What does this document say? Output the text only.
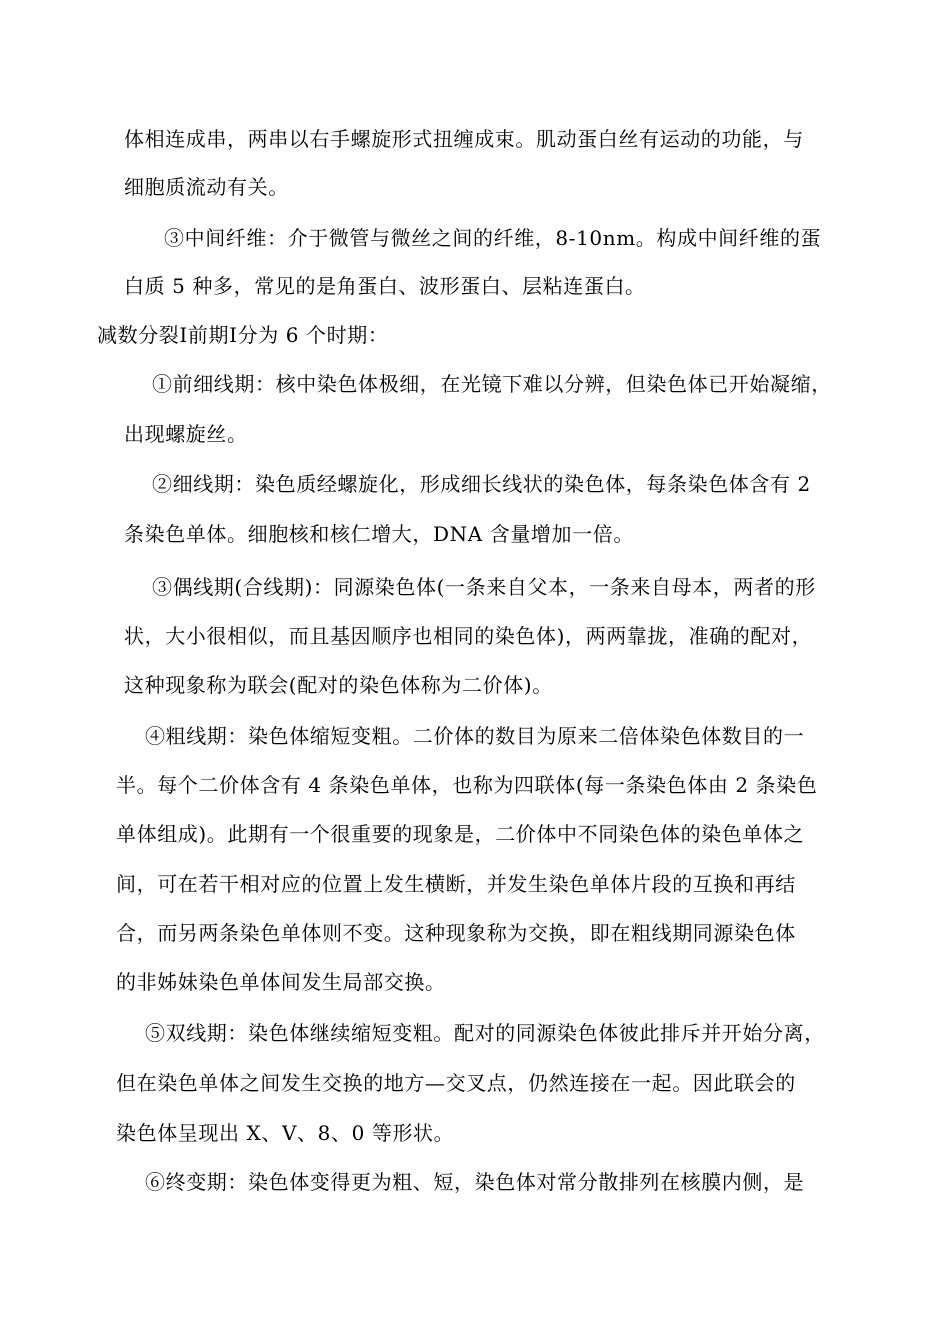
体相连成串，两串以右手螺旋形式扭缠成束。肌动蛋白丝有运动的功能，与
细胞质流动有关。
③中间纤维：介于微管与微丝之间的纤维，8-10nm。构成中间纤维的蛋
白质 5 种多，常见的是角蛋白、波形蛋白、层粘连蛋白。
减数分裂Ⅰ前期Ⅰ分为 6 个时期：
①前细线期：核中染色体极细，在光镜下难以分辨，但染色体已开始凝缩，
出现螺旋丝。
②细线期：染色质经螺旋化，形成细长线状的染色体，每条染色体含有 2
条染色单体。细胞核和核仁增大，DNA 含量增加一倍。
③偶线期(合线期)：同源染色体(一条来自父本，一条来自母本，两者的形
状，大小很相似，而且基因顺序也相同的染色体)，两两靠拢，准确的配对，
这种现象称为联会(配对的染色体称为二价体)。
④粗线期：染色体缩短变粗。二价体的数目为原来二倍体染色体数目的一
半。每个二价体含有 4 条染色单体，也称为四联体(每一条染色体由 2 条染色
单体组成)。此期有一个很重要的现象是，二价体中不同染色体的染色单体之
间，可在若干相对应的位置上发生横断，并发生染色单体片段的互换和再结
合，而另两条染色单体则不变。这种现象称为交换，即在粗线期同源染色体
的非姊妹染色单体间发生局部交换。
⑤双线期：染色体继续缩短变粗。配对的同源染色体彼此排斥并开始分离，
但在染色单体之间发生交换的地方—交叉点，仍然连接在一起。因此联会的
染色体呈现出 X、V、8、0 等形状。
⑥终变期：染色体变得更为粗、短，染色体对常分散排列在核膜内侧，是
